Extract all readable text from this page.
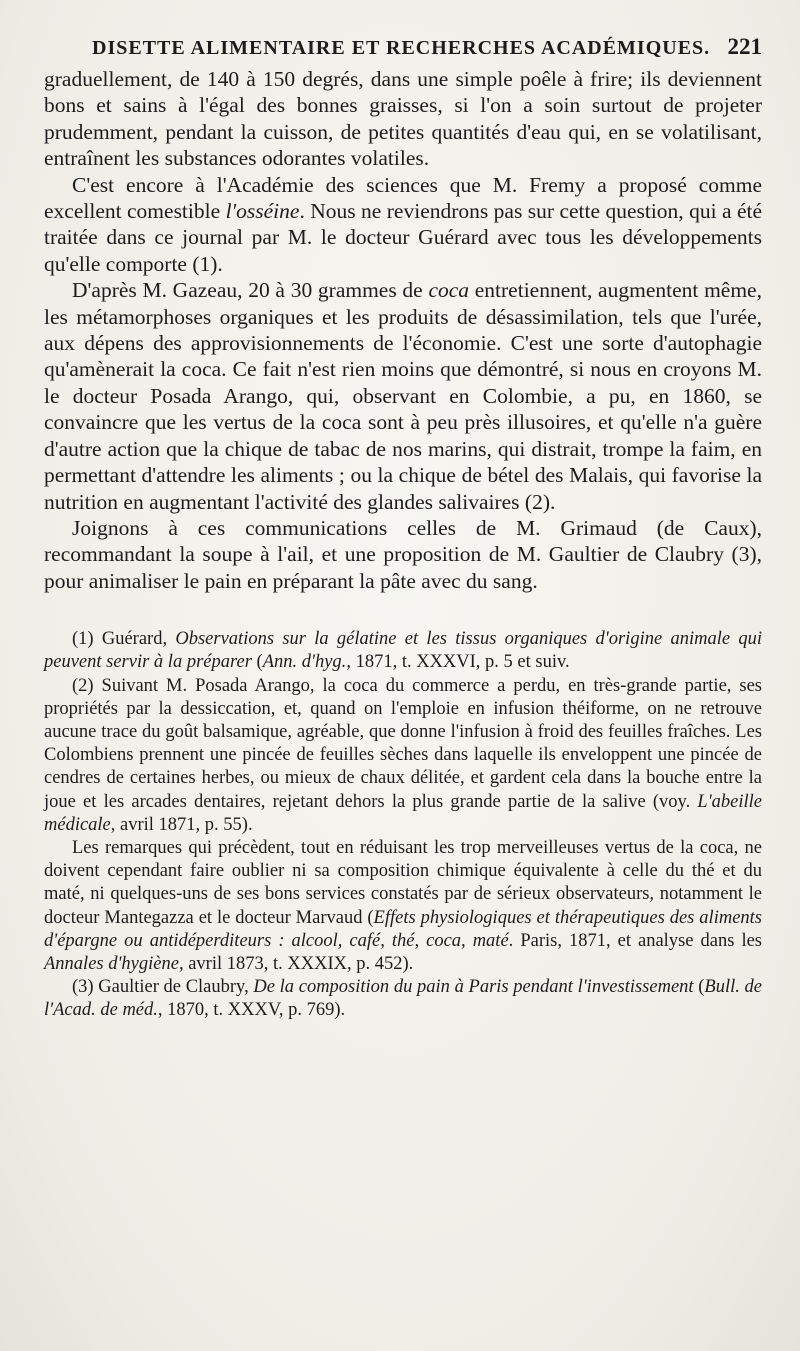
DISETTE ALIMENTAIRE ET RECHERCHES ACADÉMIQUES. 221

graduellement, de 140 à 150 degrés, dans une simple poêle à frire; ils deviennent bons et sains à l'égal des bonnes graisses, si l'on a soin surtout de projeter prudemment, pendant la cuisson, de petites quantités d'eau qui, en se volatilisant, entraînent les substances odorantes volatiles.

C'est encore à l'Académie des sciences que M. Fremy a proposé comme excellent comestible l'osséine. Nous ne reviendrons pas sur cette question, qui a été traitée dans ce journal par M. le docteur Guérard avec tous les développements qu'elle comporte (1).

D'après M. Gazeau, 20 à 30 grammes de coca entretiennent, augmentent même, les métamorphoses organiques et les produits de désassimilation, tels que l'urée, aux dépens des approvisionnements de l'économie. C'est une sorte d'autophagie qu'amènerait la coca. Ce fait n'est rien moins que démontré, si nous en croyons M. le docteur Posada Arango, qui, observant en Colombie, a pu, en 1860, se convaincre que les vertus de la coca sont à peu près illusoires, et qu'elle n'a guère d'autre action que la chique de tabac de nos marins, qui distrait, trompe la faim, en permettant d'attendre les aliments ; ou la chique de bétel des Malais, qui favorise la nutrition en augmentant l'activité des glandes salivaires (2).

Joignons à ces communications celles de M. Grimaud (de Caux), recommandant la soupe à l'ail, et une proposition de M. Gaultier de Claubry (3), pour animaliser le pain en préparant la pâte avec du sang.

(1) Guérard, Observations sur la gélatine et les tissus organiques d'origine animale qui peuvent servir à la préparer (Ann. d'hyg., 1871, t. XXXVI, p. 5 et suiv.

(2) Suivant M. Posada Arango, la coca du commerce a perdu, en très-grande partie, ses propriétés par la dessiccation, et, quand on l'emploie en infusion théiforme, on ne retrouve aucune trace du goût balsamique, agréable, que donne l'infusion à froid des feuilles fraîches. Les Colombiens prennent une pincée de feuilles sèches dans laquelle ils enveloppent une pincée de cendres de certaines herbes, ou mieux de chaux délitée, et gardent cela dans la bouche entre la joue et les arcades dentaires, rejetant dehors la plus grande partie de la salive (voy. L'abeille médicale, avril 1871, p. 55).

Les remarques qui précèdent, tout en réduisant les trop merveilleuses vertus de la coca, ne doivent cependant faire oublier ni sa composition chimique équivalente à celle du thé et du maté, ni quelques-uns de ses bons services constatés par de sérieux observateurs, notamment le docteur Mantegazza et le docteur Marvaud (Effets physiologiques et thérapeutiques des aliments d'épargne ou antidéperditeurs : alcool, café, thé, coca, maté. Paris, 1871, et analyse dans les Annales d'hygiène, avril 1873, t. XXXIX, p. 452).

(3) Gaultier de Claubry, De la composition du pain à Paris pendant l'investissement (Bull. de l'Acad. de méd., 1870, t. XXXV, p. 769).
